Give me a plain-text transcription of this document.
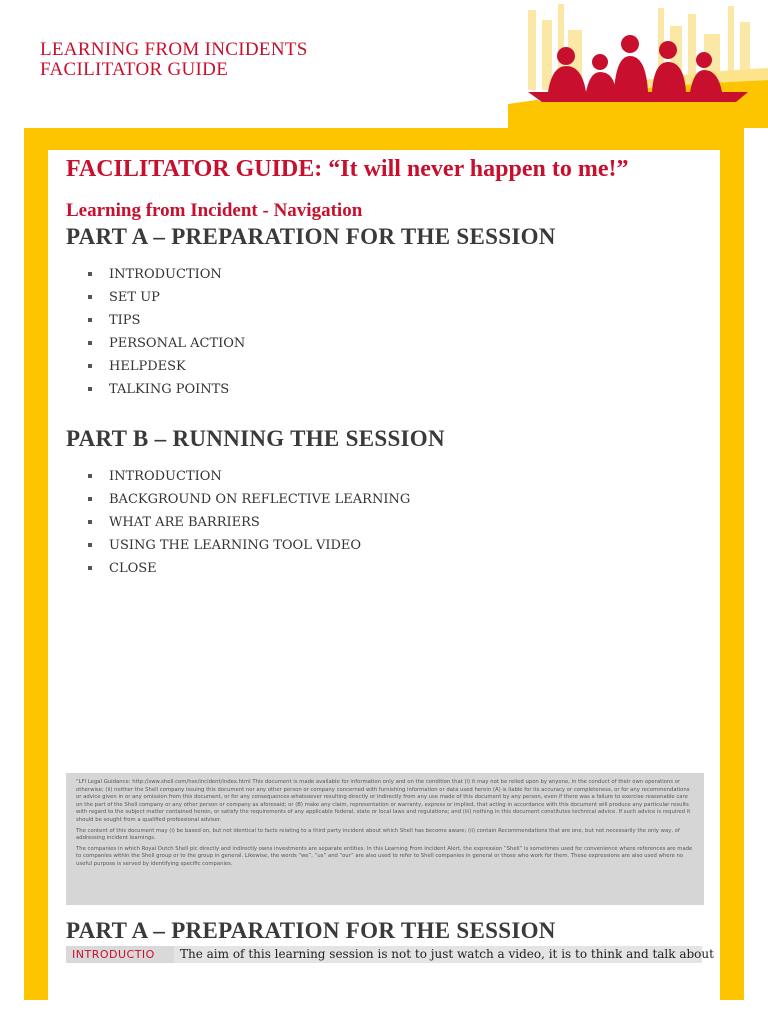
LEARNING FROM INCIDENTS
FACILITATOR GUIDE
FACILITATOR GUIDE: “It will never happen to me!”
Learning from Incident - Navigation
PART A – PREPARATION FOR THE SESSION
INTRODUCTION
SET UP
TIPS
PERSONAL ACTION
HELPDESK
TALKING POINTS
PART B – RUNNING THE SESSION
INTRODUCTION
BACKGROUND ON REFLECTIVE LEARNING
WHAT ARE BARRIERS
USING THE LEARNING TOOL VIDEO
CLOSE

“LFI Legal Guidance: http://sww.shell.com/hse/incident/index.html This document is made available for information only and on the condition that (i) it may not be relied upon by anyone, in the conduct of their own operations or otherwise; (ii) neither the Shell company issuing this document nor any other person or company concerned with furnishing information or data used herein (A) is liable for its accuracy or completeness, or for any recommendations or advice given in or any omission from this document, or for any consequences whatsoever resulting directly or indirectly from any use made of this document by any person, even if there was a failure to exercise reasonable care on the part of the Shell company or any other person or company as aforesaid; or (B) make any claim, representation or warranty, express or implied, that acting in accordance with this document will produce any particular results with regard to the subject matter contained herein, or satisfy the requirements of any applicable federal, state or local laws and regulations; and (iii) nothing in this document constitutes technical advice. If such advice is required it should be sought from a qualified professional adviser.

The content of this document may (i) be based on, but not identical to facts relating to a third party incident about which Shell has become aware; (ii) contain Recommendations that are one, but not necessarily the only way, of addressing incident learnings.

The companies in which Royal Dutch Shell plc directly and indirectly owns investments are separate entities. In this Learning From Incident Alert, the expression “Shell” is sometimes used for convenience where references are made to companies within the Shell group or to the group in general. Likewise, the words “we”, “us” and “our” are also used to refer to Shell companies in general or those who work for them. These expressions are also used where no useful purpose is served by identifying specific companies.

PART A – PREPARATION FOR THE SESSION
INTRODUCTIO	The aim of this learning session is not to just watch a video, it is to think and talk about
